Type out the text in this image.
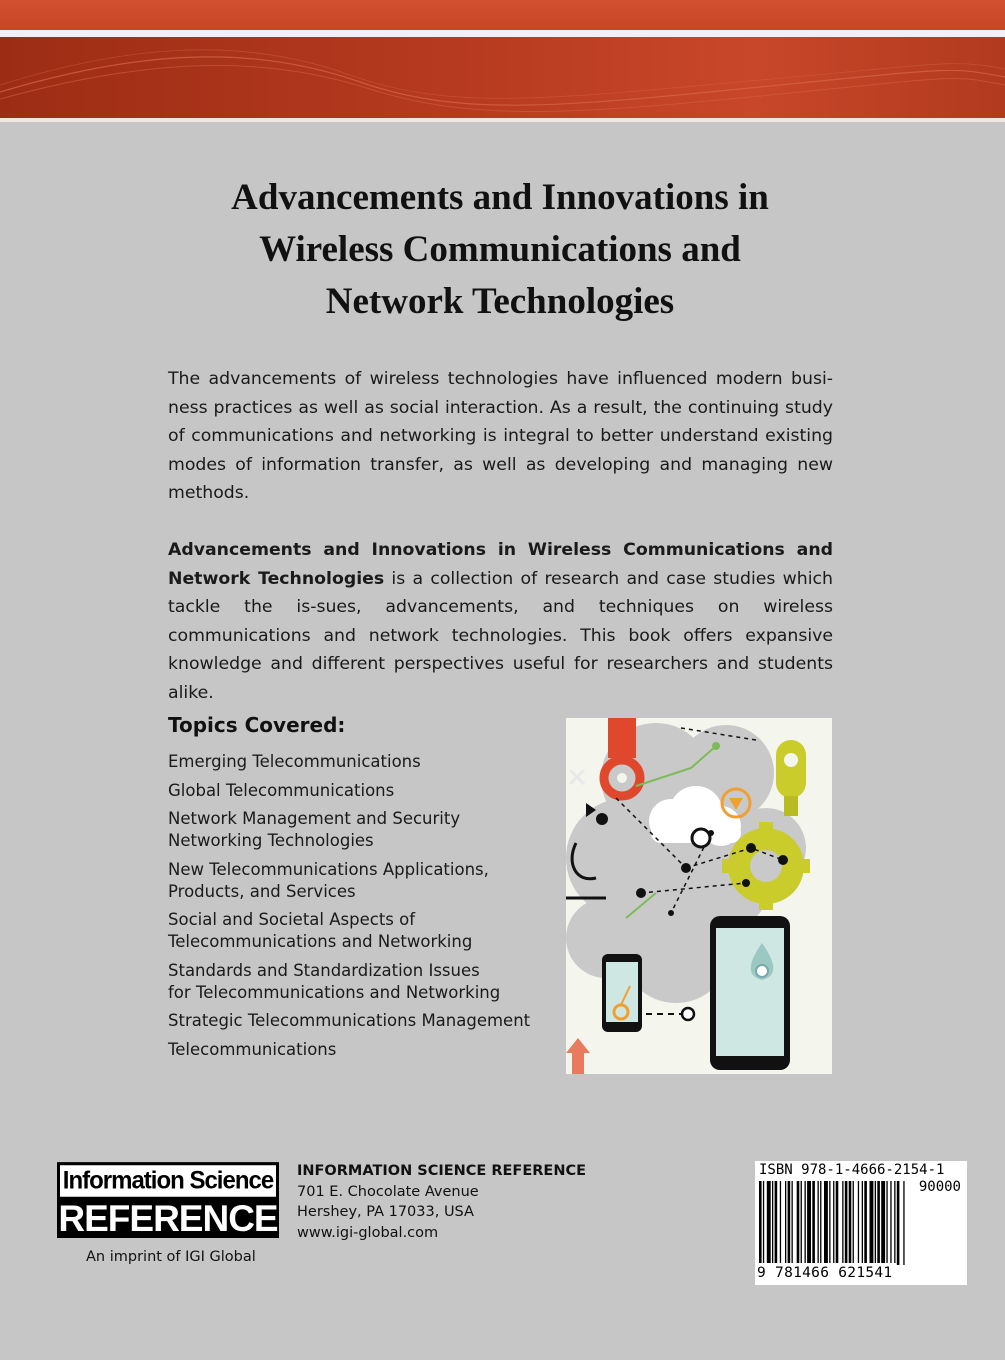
Advancements and Innovations in
Wireless Communications and
Network Technologies
The advancements of wireless technologies have influenced modern busi-ness practices as well as social interaction. As a result, the continuing study of communications and networking is integral to better understand existing modes of information transfer, as well as developing and managing new methods.
Advancements and Innovations in Wireless Communications and Network Technologies is a collection of research and case studies which tackle the is-sues, advancements, and techniques on wireless communications and network technologies. This book offers expansive knowledge and different perspectives useful for researchers and students alike.
Topics Covered:
Emerging Telecommunications
Global Telecommunications
Network Management and Security
Networking Technologies
New Telecommunications Applications,
Products, and Services
Social and Societal Aspects of
Telecommunications and Networking
Standards and Standardization Issues
for Telecommunications and Networking
Strategic Telecommunications Management
Telecommunications
Information Science
REFERENCE
An imprint of IGI Global
INFORMATION SCIENCE REFERENCE
701 E. Chocolate Avenue
Hershey, PA 17033, USA
www.igi-global.com
ISBN 978-1-4666-2154-1
90000
9 781466 621541
